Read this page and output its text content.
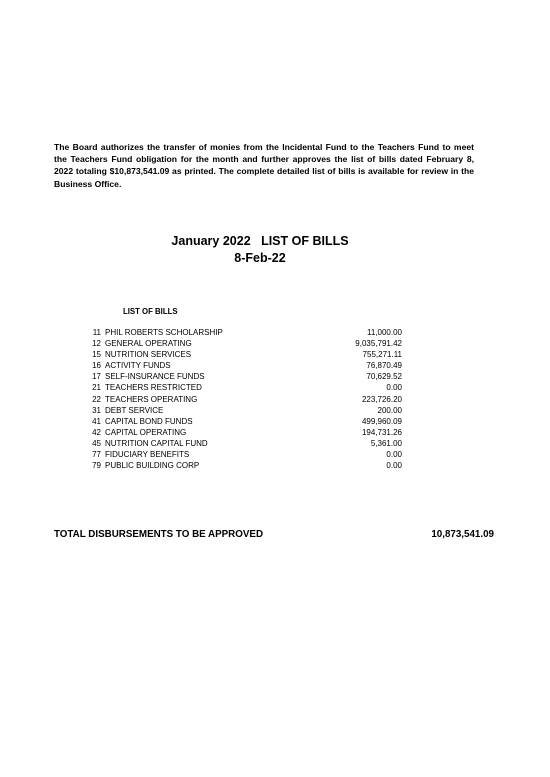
The Board authorizes the transfer of monies from the Incidental Fund to the Teachers Fund to meet the Teachers Fund obligation for the month and further approves the list of bills dated February 8, 2022 totaling $10,873,541.09 as printed. The complete detailed list of bills is available for review in the Business Office.
January 2022   LIST OF BILLS
8-Feb-22
LIST OF BILLS
11 PHIL ROBERTS SCHOLARSHIP	11,000.00
12 GENERAL OPERATING	9,035,791.42
15 NUTRITION SERVICES	755,271.11
16 ACTIVITY FUNDS	76,870.49
17 SELF-INSURANCE FUNDS	70,629.52
21 TEACHERS RESTRICTED	0.00
22 TEACHERS OPERATING	223,726.20
31 DEBT SERVICE	200.00
41 CAPITAL BOND FUNDS	499,960.09
42 CAPITAL OPERATING	194,731.26
45 NUTRITION CAPITAL FUND	5,361.00
77 FIDUCIARY BENEFITS	0.00
79 PUBLIC BUILDING CORP	0.00
TOTAL DISBURSEMENTS TO BE APPROVED	10,873,541.09
